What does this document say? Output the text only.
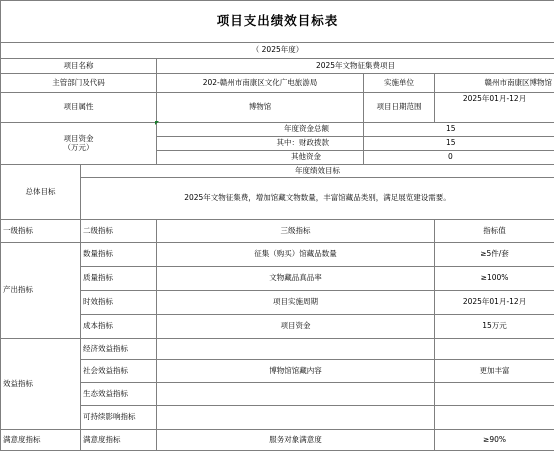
项目支出绩效目标表				
（ 2025年度）				
项目名称		2025年文物征集费项目		
主管部门及代码		202-赣州市南康区文化广电旅游局	实施单位	赣州市南康区博物馆
项目属性		博物馆	项目日期范围	2025年01月-12月
项目资金
（万元）		年度资金总额	15	
		其中：财政拨款	15	
		其他资金	0	
总体目标	年度绩效目标			
	2025年文物征集费，增加馆藏文物数量，丰富馆藏品类别，满足展览建设需要。			
一级指标	二级指标	三级指标		指标值
产出指标	数量指标	征集（购买）馆藏品数量		≥5件/套
	质量指标	文物藏品真品率		≥100%
	时效指标	项目实施周期		2025年01月-12月
	成本指标	项目资金		15万元
效益指标	经济效益指标			
	社会效益指标	博物馆馆藏内容		更加丰富
	生态效益指标			
	可持续影响指标			
满意度指标	满意度指标	服务对象满意度		≥90%
